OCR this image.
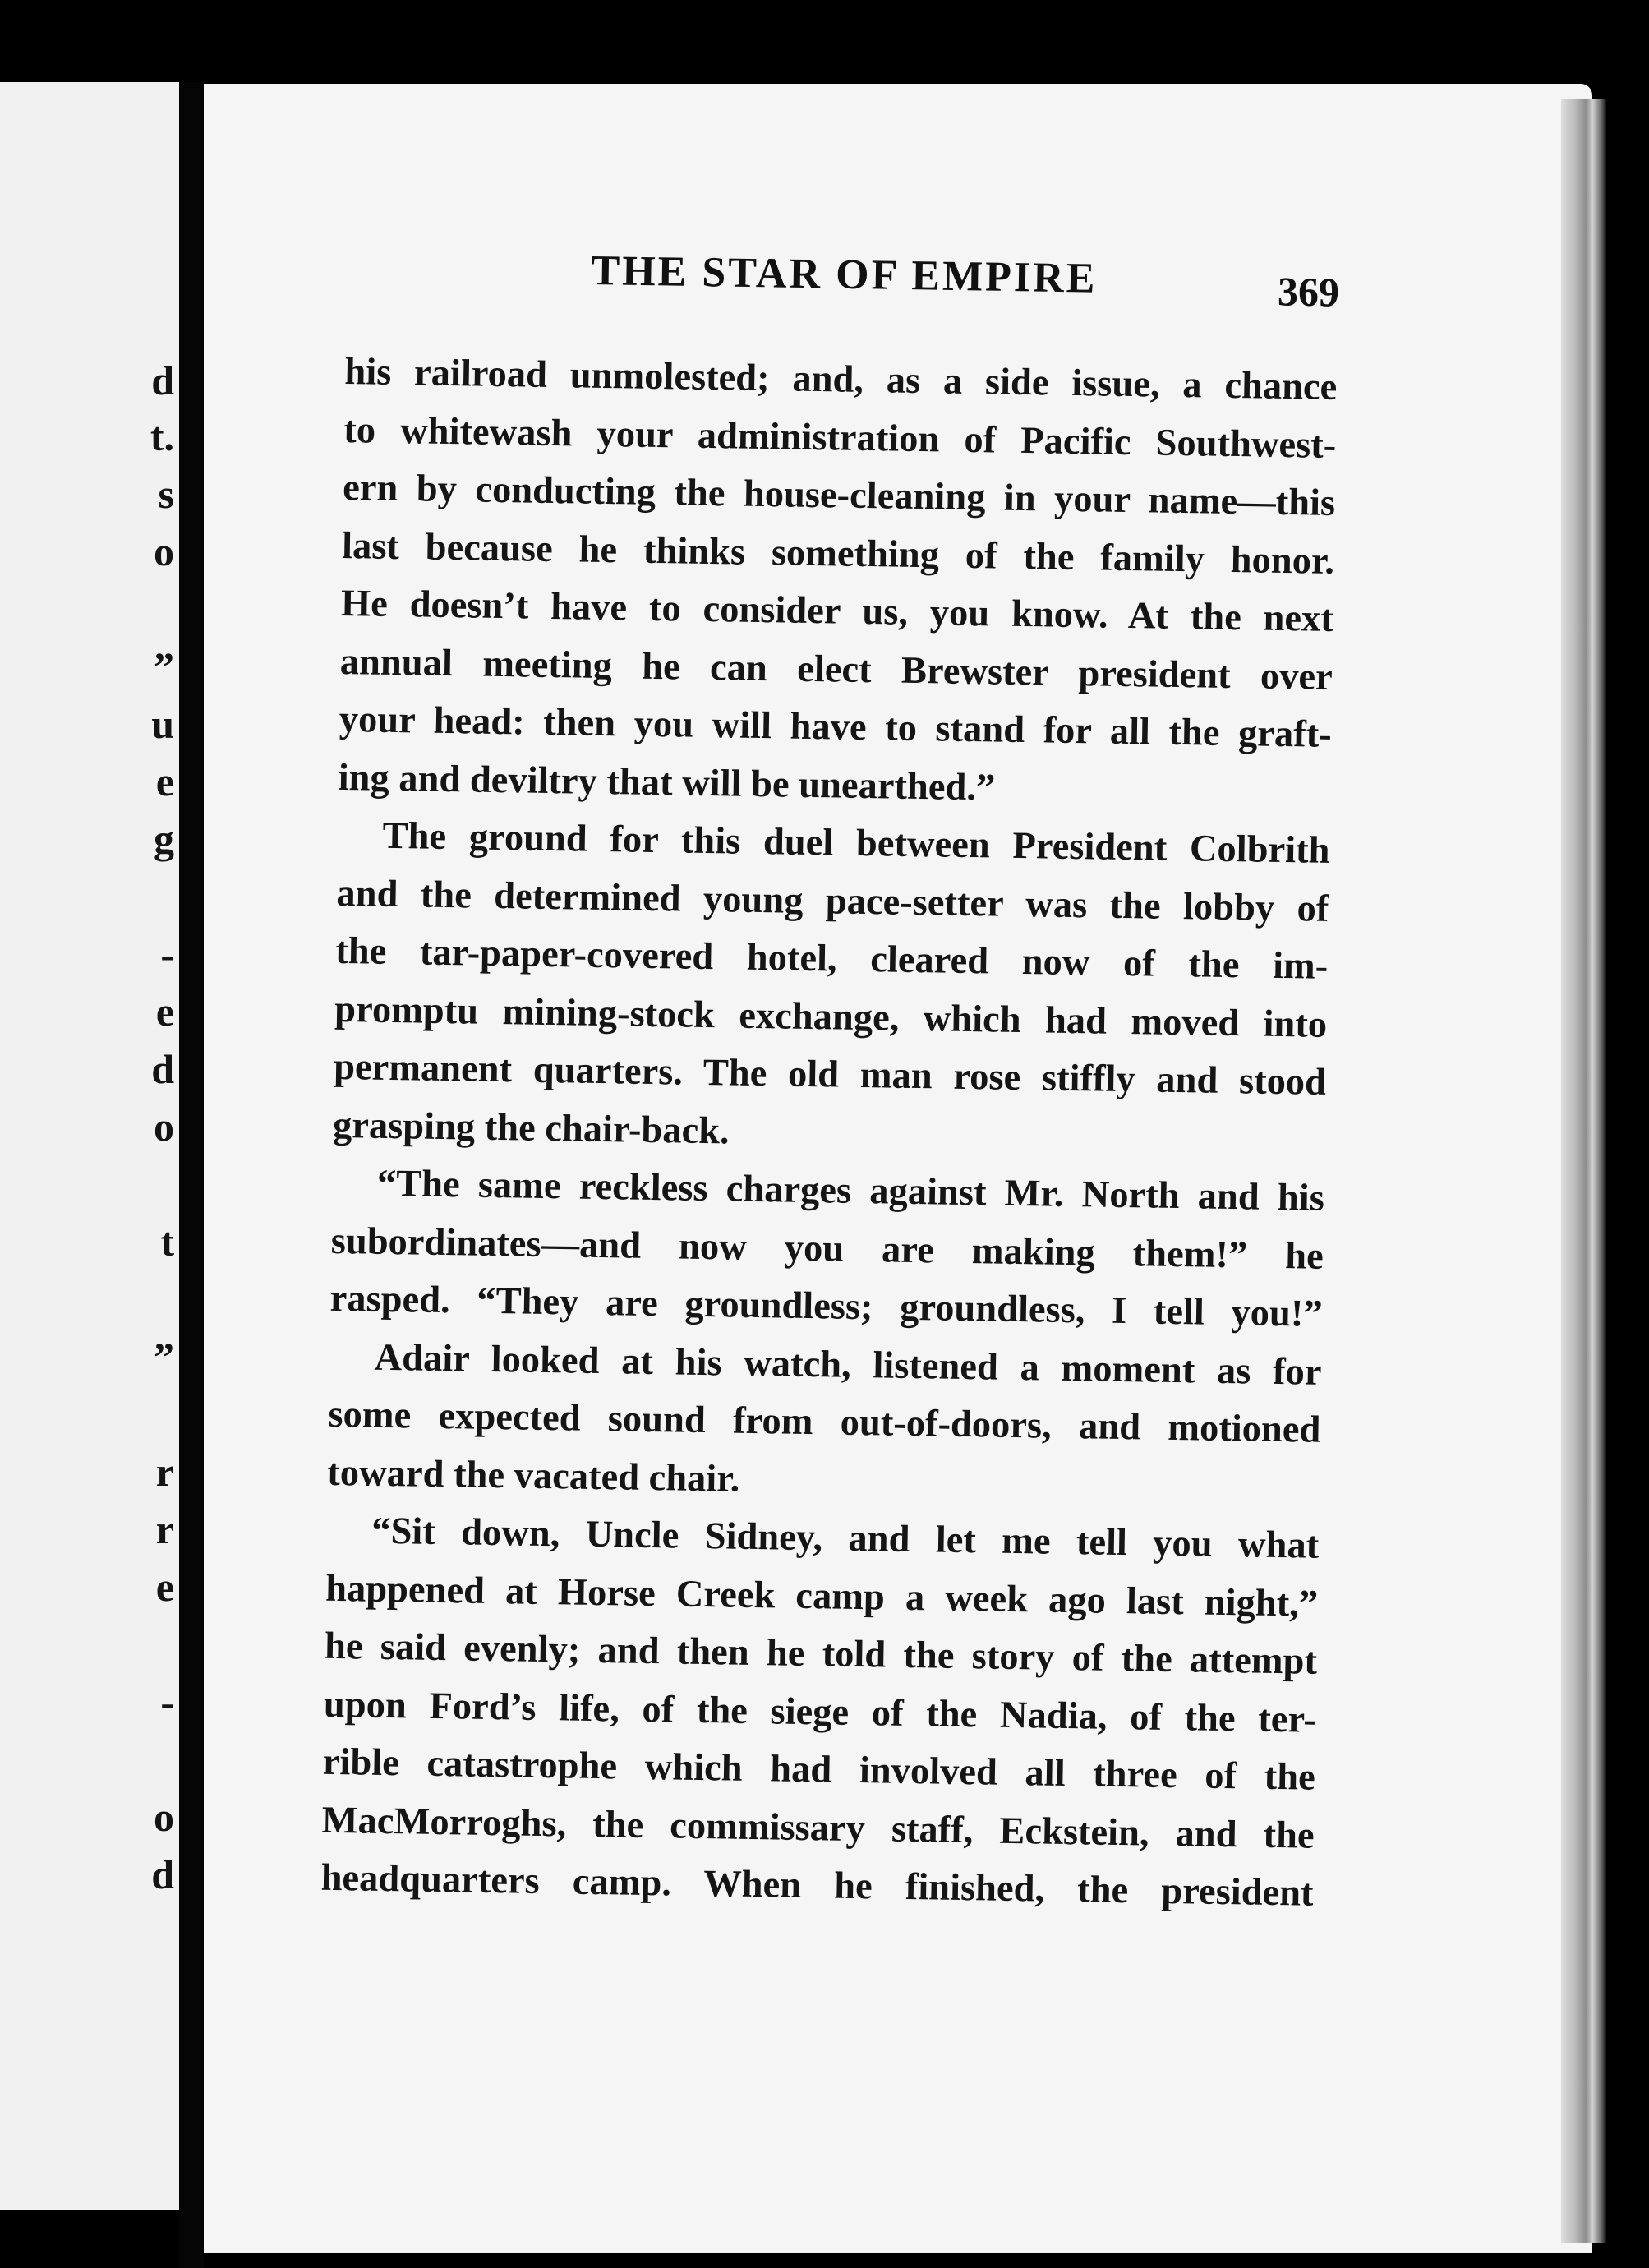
d
t.
s
o
”
u
e
g
-
e
d
o
t
”
r
r
e
-
o
d
THE STAR OF EMPIRE	369
his railroad unmolested; and, as a side issue, a chance
to whitewash your administration of Pacific Southwest-
ern by conducting the house-cleaning in your name—this
last because he thinks something of the family honor.
He doesn’t have to consider us, you know. At the next
annual meeting he can elect Brewster president over
your head: then you will have to stand for all the graft-
ing and deviltry that will be unearthed.”
The ground for this duel between President Colbrith
and the determined young pace-setter was the lobby of
the tar-paper-covered hotel, cleared now of the im-
promptu mining-stock exchange, which had moved into
permanent quarters. The old man rose stiffly and stood
grasping the chair-back.
“The same reckless charges against Mr. North and his
subordinates—and now you are making them!” he
rasped. “They are groundless; groundless, I tell you!”
Adair looked at his watch, listened a moment as for
some expected sound from out-of-doors, and motioned
toward the vacated chair.
“Sit down, Uncle Sidney, and let me tell you what
happened at Horse Creek camp a week ago last night,”
he said evenly; and then he told the story of the attempt
upon Ford’s life, of the siege of the Nadia, of the ter-
rible catastrophe which had involved all three of the
MacMorroghs, the commissary staff, Eckstein, and the
headquarters camp. When he finished, the president
